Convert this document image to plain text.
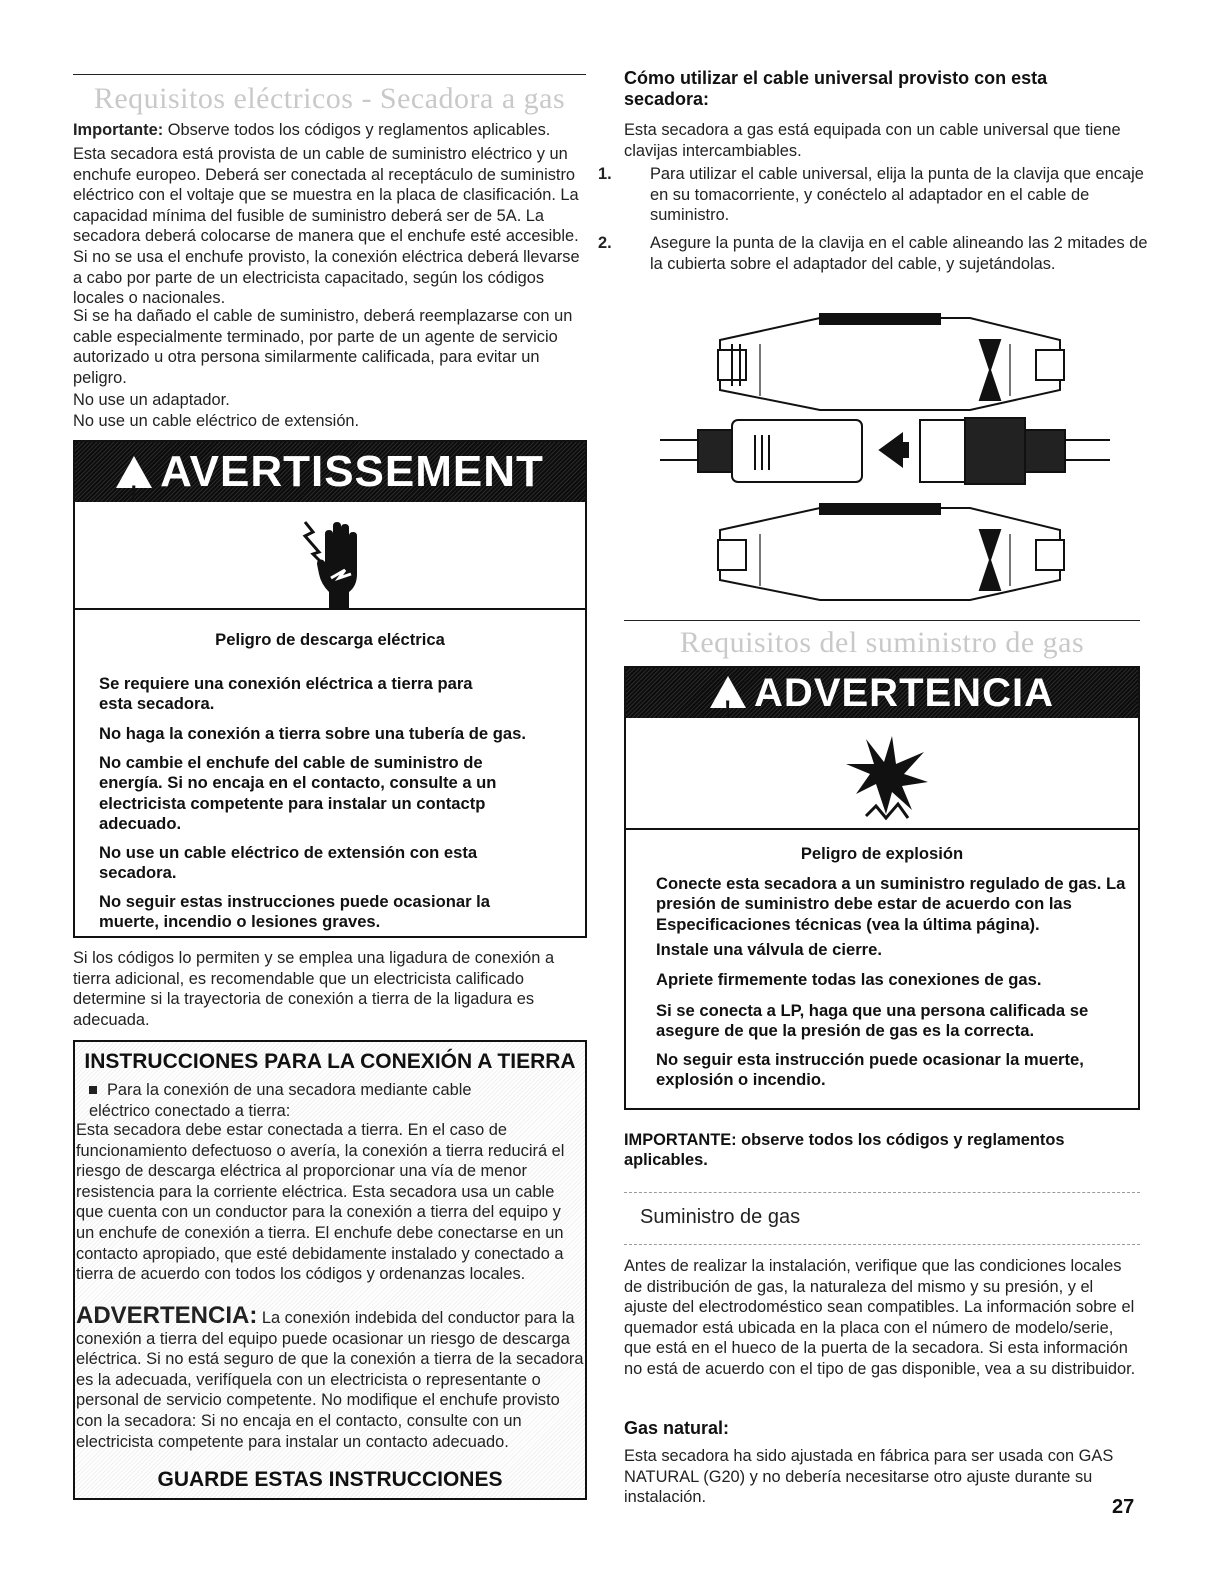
Requisitos eléctricos - Secadora a gas
Importante: Observe todos los códigos y reglamentos aplicables.
Esta secadora está provista de un cable de suministro eléctrico y un enchufe europeo. Deberá ser conectada al receptáculo de suministro eléctrico con el voltaje que se muestra en la placa de clasificación. La capacidad mínima del fusible de suministro deberá ser de 5A. La secadora deberá colocarse de manera que el enchufe esté accesible. Si no se usa el enchufe provisto, la conexión eléctrica deberá llevarse a cabo por parte de un electricista capacitado, según los códigos locales o nacionales.
Si se ha dañado el cable de suministro, deberá reemplazarse con un cable especialmente terminado, por parte de un agente de servicio autorizado u otra persona similarmente calificada, para evitar un peligro.
No use un adaptador.
No use un cable eléctrico de extensión.
! AVERTISSEMENT
Peligro de descarga eléctrica
Se requiere una conexión eléctrica a tierra para esta secadora.
No haga la conexión a tierra sobre una tubería de gas.
No cambie el enchufe del cable de suministro de energía. Si no encaja en el contacto, consulte a un electricista competente para instalar un contactp adecuado.
No use un cable eléctrico de extensión con esta secadora.
No seguir estas instrucciones puede ocasionar la muerte, incendio o lesiones graves.
Si los códigos lo permiten y se emplea una ligadura de conexión a tierra adicional, es recomendable que un electricista calificado determine si la trayectoria de conexión a tierra de la ligadura es adecuada.
INSTRUCCIONES PARA LA CONEXIÓN A TIERRA
Para la conexión de una secadora mediante cable eléctrico conectado a tierra:
Esta secadora debe estar conectada a tierra. En el caso de funcionamiento defectuoso o avería, la conexión a tierra reducirá el riesgo de descarga eléctrica al proporcionar una vía de menor resistencia para la corriente eléctrica. Esta secadora usa un cable que cuenta con un conductor para la conexión a tierra del equipo y un enchufe de conexión a tierra. El enchufe debe conectarse en un contacto apropiado, que esté debidamente instalado y conectado a tierra de acuerdo con todos los códigos y ordenanzas locales.
ADVERTENCIA: La conexión indebida del conductor para la conexión a tierra del equipo puede ocasionar un riesgo de descarga eléctrica. Si no está seguro de que la conexión a tierra de la secadora es la adecuada, verifíquela con un electricista o representante o personal de servicio competente. No modifique el enchufe provisto con la secadora: Si no encaja en el contacto, consulte con un electricista competente para instalar un contacto adecuado.
GUARDE ESTAS INSTRUCCIONES
Cómo utilizar el cable universal provisto con esta secadora:
Esta secadora a gas está equipada con un cable universal que tiene clavijas intercambiables.
1. Para utilizar el cable universal, elija la punta de la clavija que encaje en su tomacorriente, y conéctelo al adaptador en el cable de suministro.
2. Asegure la punta de la clavija en el cable alineando las 2 mitades de la cubierta sobre el adaptador del cable, y sujetándolas.
Requisitos del suministro de gas
! ADVERTENCIA
Peligro de explosión
Conecte esta secadora a un suministro regulado de gas. La presión de suministro debe estar de acuerdo con las Especificaciones técnicas (vea la última página).
Instale una válvula de cierre.
Apriete firmemente todas las conexiones de gas.
Si se conecta a LP, haga que una persona calificada se asegure de que la presión de gas es la correcta.
No seguir esta instrucción puede ocasionar la muerte, explosión o incendio.
IMPORTANTE: observe todos los códigos y reglamentos aplicables.
Suministro de gas
Antes de realizar la instalación, verifique que las condiciones locales de distribución de gas, la naturaleza del mismo y su presión, y el ajuste del electrodoméstico sean compatibles. La información sobre el quemador está ubicada en la placa con el número de modelo/serie, que está en el hueco de la puerta de la secadora. Si esta información no está de acuerdo con el tipo de gas disponible, vea a su distribuidor.
Gas natural:
Esta secadora ha sido ajustada en fábrica para ser usada con GAS NATURAL (G20) y no debería necesitarse otro ajuste durante su instalación.	27
